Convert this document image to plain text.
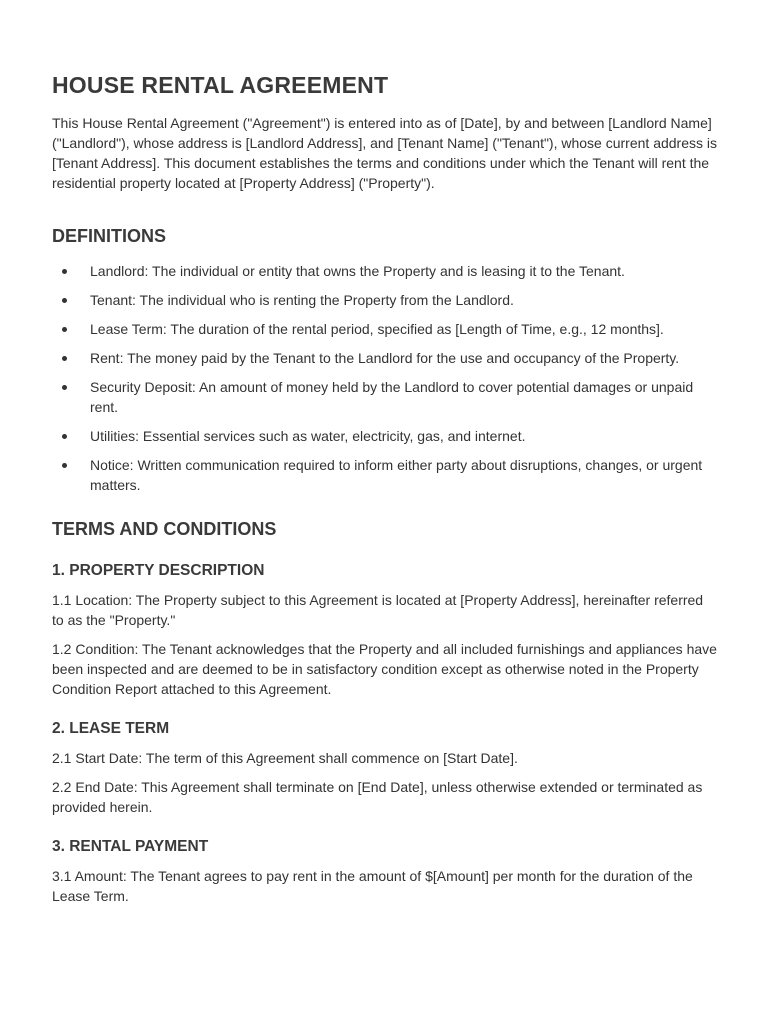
HOUSE RENTAL AGREEMENT

This House Rental Agreement ("Agreement") is entered into as of [Date], by and between [Landlord Name] ("Landlord"), whose address is [Landlord Address], and [Tenant Name] ("Tenant"), whose current address is [Tenant Address]. This document establishes the terms and conditions under which the Tenant will rent the residential property located at [Property Address] ("Property").

DEFINITIONS
Landlord: The individual or entity that owns the Property and is leasing it to the Tenant.
Tenant: The individual who is renting the Property from the Landlord.
Lease Term: The duration of the rental period, specified as [Length of Time, e.g., 12 months].
Rent: The money paid by the Tenant to the Landlord for the use and occupancy of the Property.
Security Deposit: An amount of money held by the Landlord to cover potential damages or unpaid rent.
Utilities: Essential services such as water, electricity, gas, and internet.
Notice: Written communication required to inform either party about disruptions, changes, or urgent matters.
TERMS AND CONDITIONS
1. PROPERTY DESCRIPTION

1.1 Location: The Property subject to this Agreement is located at [Property Address], hereinafter referred to as the "Property."

1.2 Condition: The Tenant acknowledges that the Property and all included furnishings and appliances have been inspected and are deemed to be in satisfactory condition except as otherwise noted in the Property Condition Report attached to this Agreement.

2. LEASE TERM

2.1 Start Date: The term of this Agreement shall commence on [Start Date].

2.2 End Date: This Agreement shall terminate on [End Date], unless otherwise extended or terminated as provided herein.

3. RENTAL PAYMENT

3.1 Amount: The Tenant agrees to pay rent in the amount of $[Amount] per month for the duration of the Lease Term.
